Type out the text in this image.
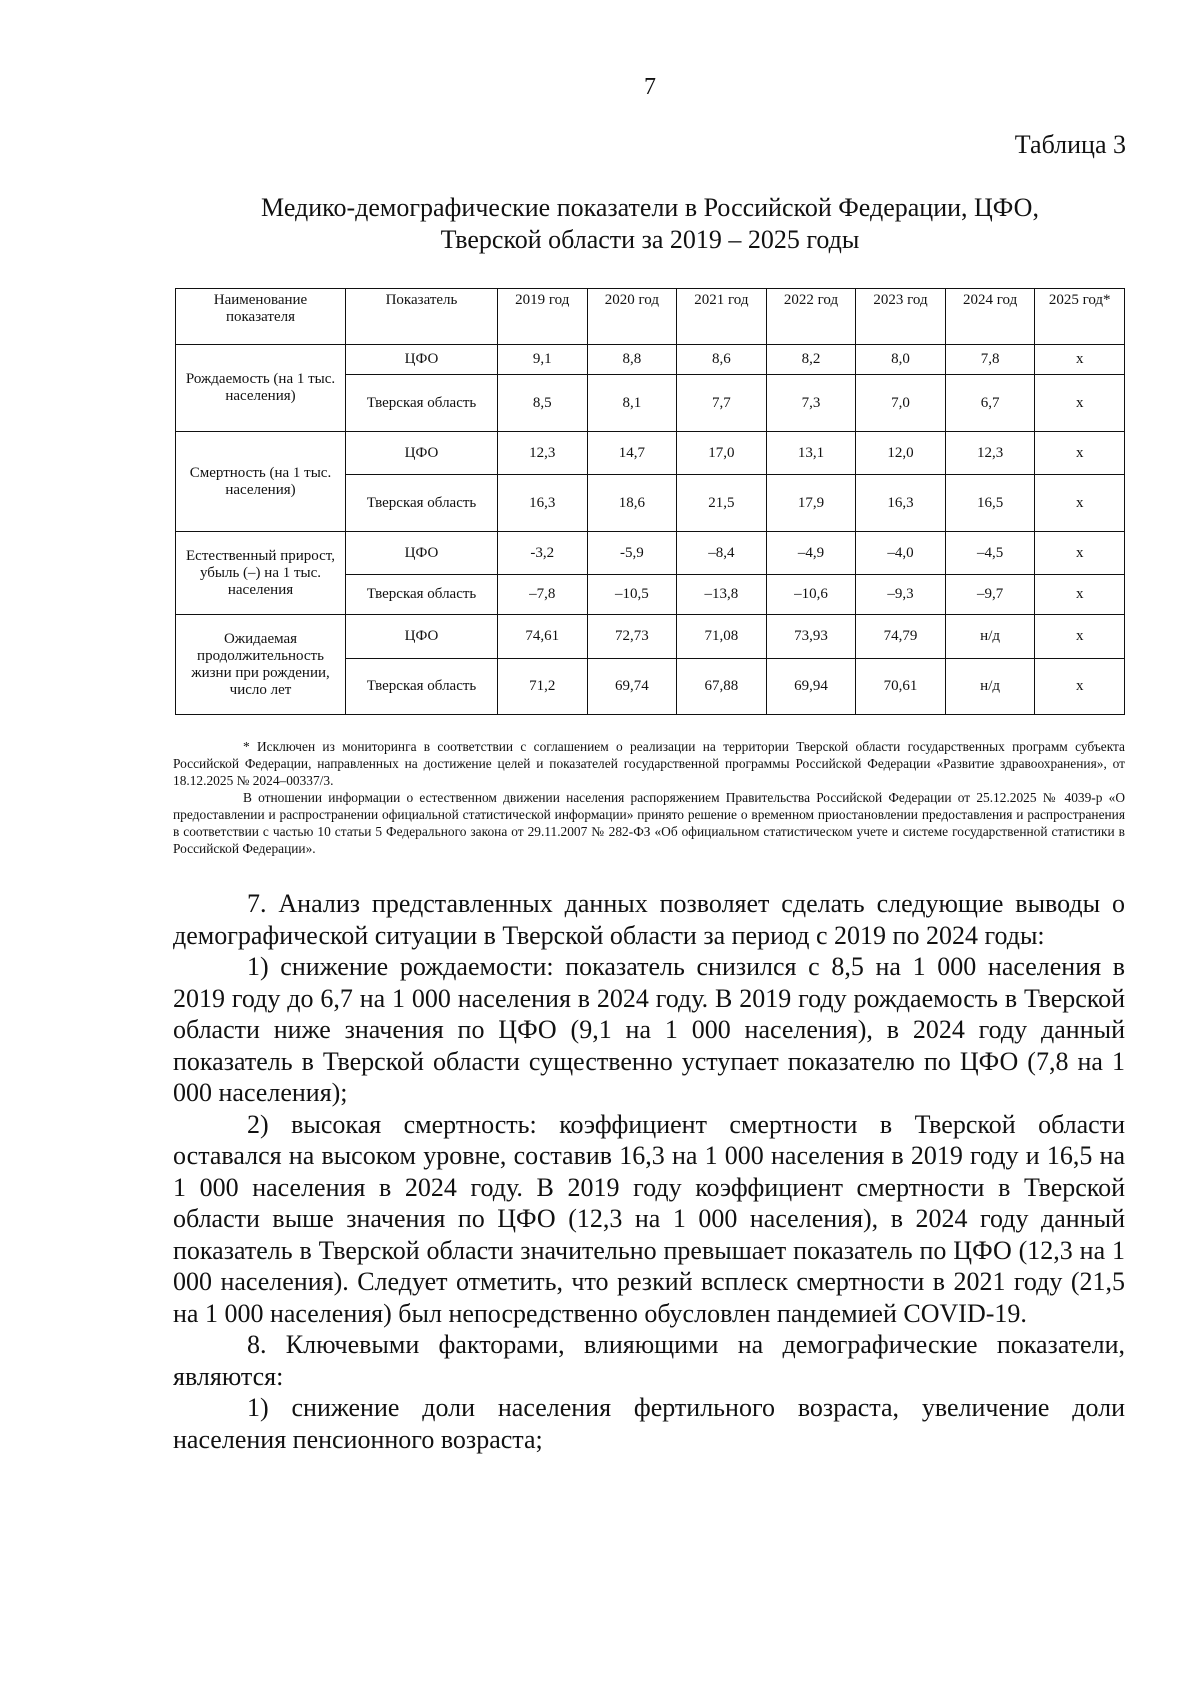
7
Таблица 3
Медико-демографические показатели в Российской Федерации, ЦФО,
Тверской области за 2019 – 2025 годы
Наименование показателя	Показатель	2019 год	2020 год	2021 год	2022 год	2023 год	2024 год	2025 год*
Рождаемость (на 1 тыс. населения)	ЦФО	9,1	8,8	8,6	8,2	8,0	7,8	х
	Тверская область	8,5	8,1	7,7	7,3	7,0	6,7	х
Смертность (на 1 тыс. населения)	ЦФО	12,3	14,7	17,0	13,1	12,0	12,3	х
	Тверская область	16,3	18,6	21,5	17,9	16,3	16,5	х
Естественный прирост, убыль (–) на 1 тыс. населения	ЦФО	-3,2	-5,9	–8,4	–4,9	–4,0	–4,5	х
	Тверская область	–7,8	–10,5	–13,8	–10,6	–9,3	–9,7	х
Ожидаемая продолжительность жизни при рождении, число лет	ЦФО	74,61	72,73	71,08	73,93	74,79	н/д	х
	Тверская область	71,2	69,74	67,88	69,94	70,61	н/д	х

* Исключен из мониторинга в соответствии с соглашением о реализации на территории Тверской области государственных программ субъекта Российской Федерации, направленных на достижение целей и показателей государственной программы Российской Федерации «Развитие здравоохранения», от 18.12.2025 № 2024–00337/3.

В отношении информации о естественном движении населения распоряжением Правительства Российской Федерации от 25.12.2025 № 4039-р «О предоставлении и распространении официальной статистической информации» принято решение о временном приостановлении предоставления и распространения в соответствии с частью 10 статьи 5 Федерального закона от 29.11.2007 № 282-ФЗ «Об официальном статистическом учете и системе государственной статистики в Российской Федерации».

7. Анализ представленных данных позволяет сделать следующие выводы о демографической ситуации в Тверской области за период с 2019 по 2024 годы:

1) снижение рождаемости: показатель снизился с 8,5 на 1 000 населения в 2019 году до 6,7 на 1 000 населения в 2024 году. В 2019 году рождаемость в Тверской области ниже значения по ЦФО (9,1 на 1 000 населения), в 2024 году данный показатель в Тверской области существенно уступает показателю по ЦФО (7,8 на 1 000 населения);

2) высокая смертность: коэффициент смертности в Тверской области оставался на высоком уровне, составив 16,3 на 1 000 населения в 2019 году и 16,5 на 1 000 населения в 2024 году. В 2019 году коэффициент смертности в Тверской области выше значения по ЦФО (12,3 на 1 000 населения), в 2024 году данный показатель в Тверской области значительно превышает показатель по ЦФО (12,3 на 1 000 населения). Следует отметить, что резкий всплеск смертности в 2021 году (21,5 на 1 000 населения) был непосредственно обусловлен пандемией COVID-19.

8. Ключевыми факторами, влияющими на демографические показатели, являются:

1) снижение доли населения фертильного возраста, увеличение доли населения пенсионного возраста;
